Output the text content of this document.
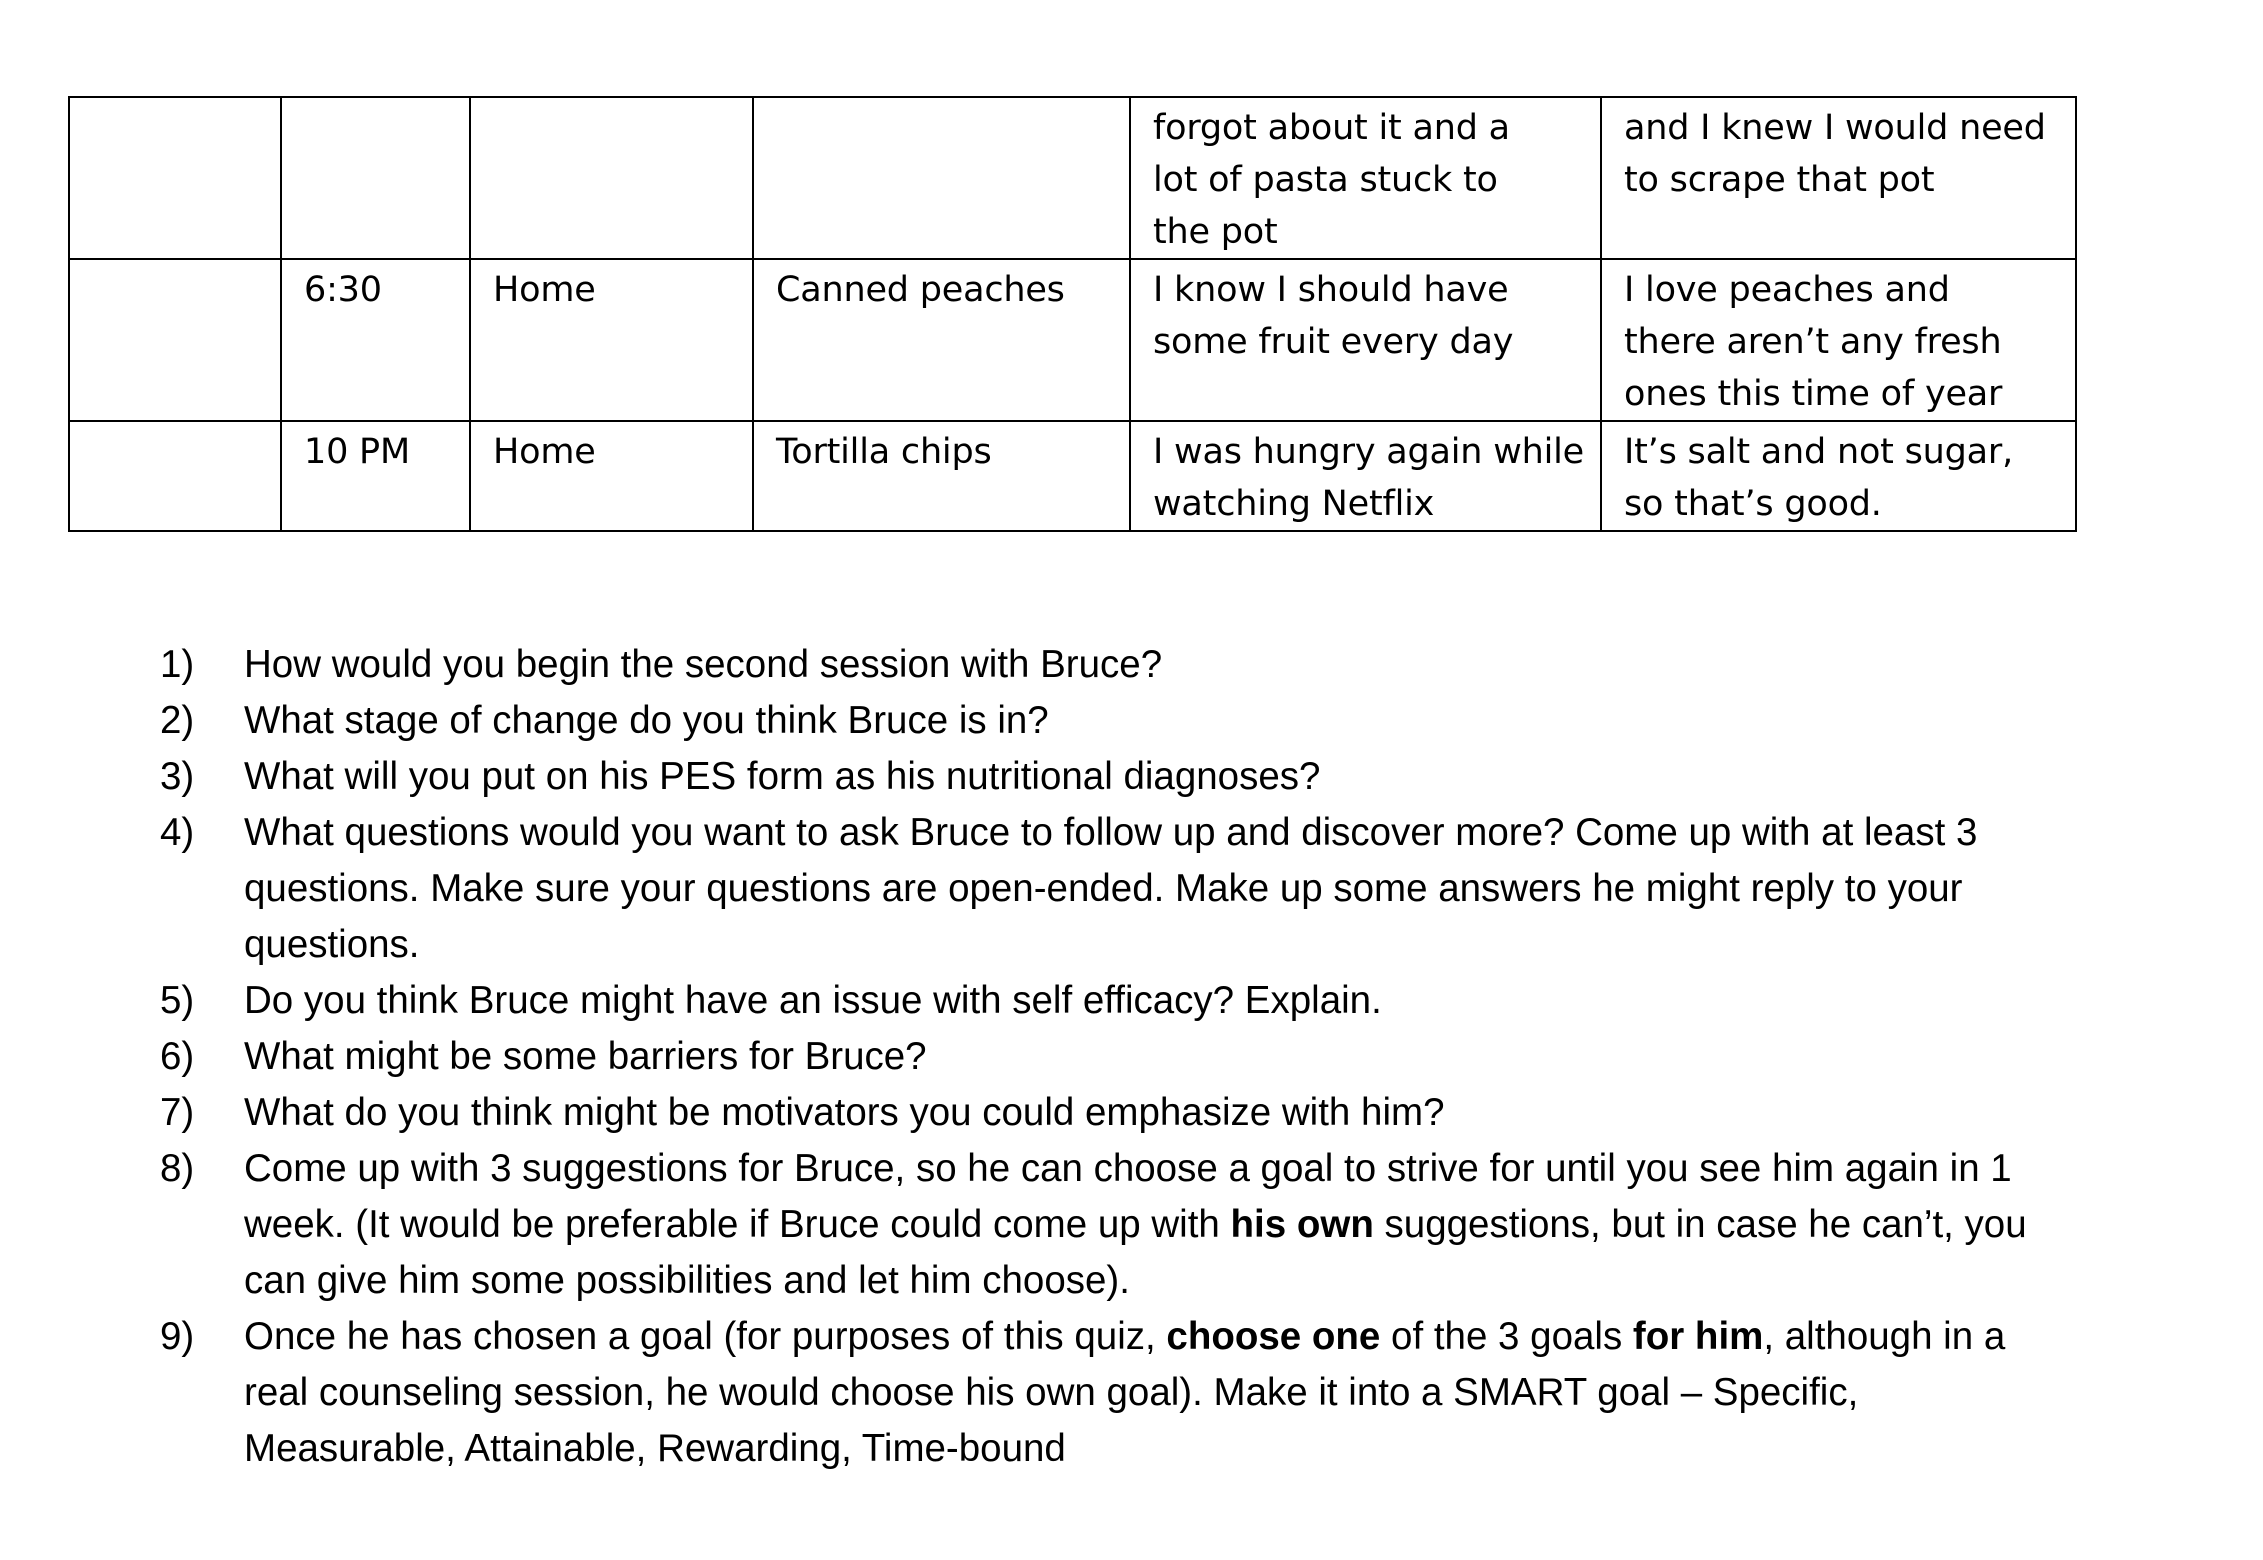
				forgot about it and a
lot of pasta stuck to
the pot	and I knew I would need
to scrape that pot

	6:30	Home	Canned peaches	I know I should have
some fruit every day	I love peaches and
there aren’t any fresh
ones this time of year

	10 PM	Home	Tortilla chips	I was hungry again while
watching Netflix	It’s salt and not sugar,
so that’s good.
1) How would you begin the second session with Bruce?
2) What stage of change do you think Bruce is in?
3) What will you put on his PES form as his nutritional diagnoses?
4) What questions would you want to ask Bruce to follow up and discover more? Come up with at least 3 questions. Make sure your questions are open-ended. Make up some answers he might reply to your questions.
5) Do you think Bruce might have an issue with self efficacy? Explain.
6) What might be some barriers for Bruce?
7) What do you think might be motivators you could emphasize with him?
8) Come up with 3 suggestions for Bruce, so he can choose a goal to strive for until you see him again in 1 week. (It would be preferable if Bruce could come up with his own suggestions, but in case he can’t, you can give him some possibilities and let him choose).
9) Once he has chosen a goal (for purposes of this quiz, choose one of the 3 goals for him, although in a real counseling session, he would choose his own goal). Make it into a SMART goal – Specific, Measurable, Attainable, Rewarding, Time-bound
